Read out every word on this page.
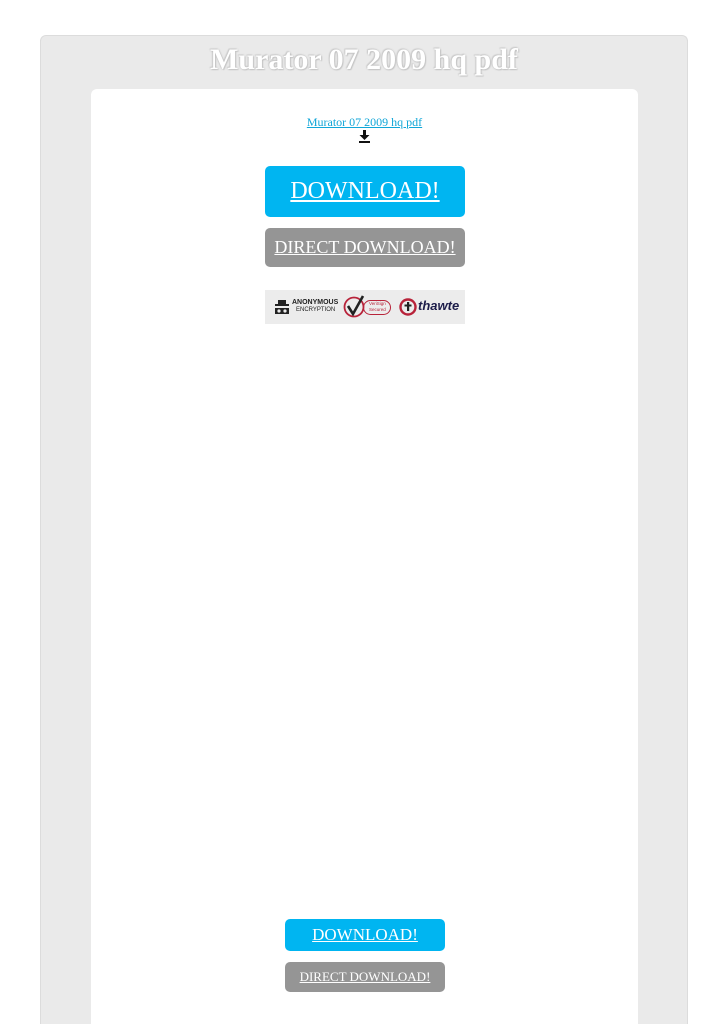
Murator 07 2009 hq pdf
Murator 07 2009 hq pdf
DOWNLOAD!
DIRECT DOWNLOAD!
ANONYMOUS
ENCRYPTION
VeriSign
Secured thawte
DOWNLOAD!
DIRECT DOWNLOAD!
